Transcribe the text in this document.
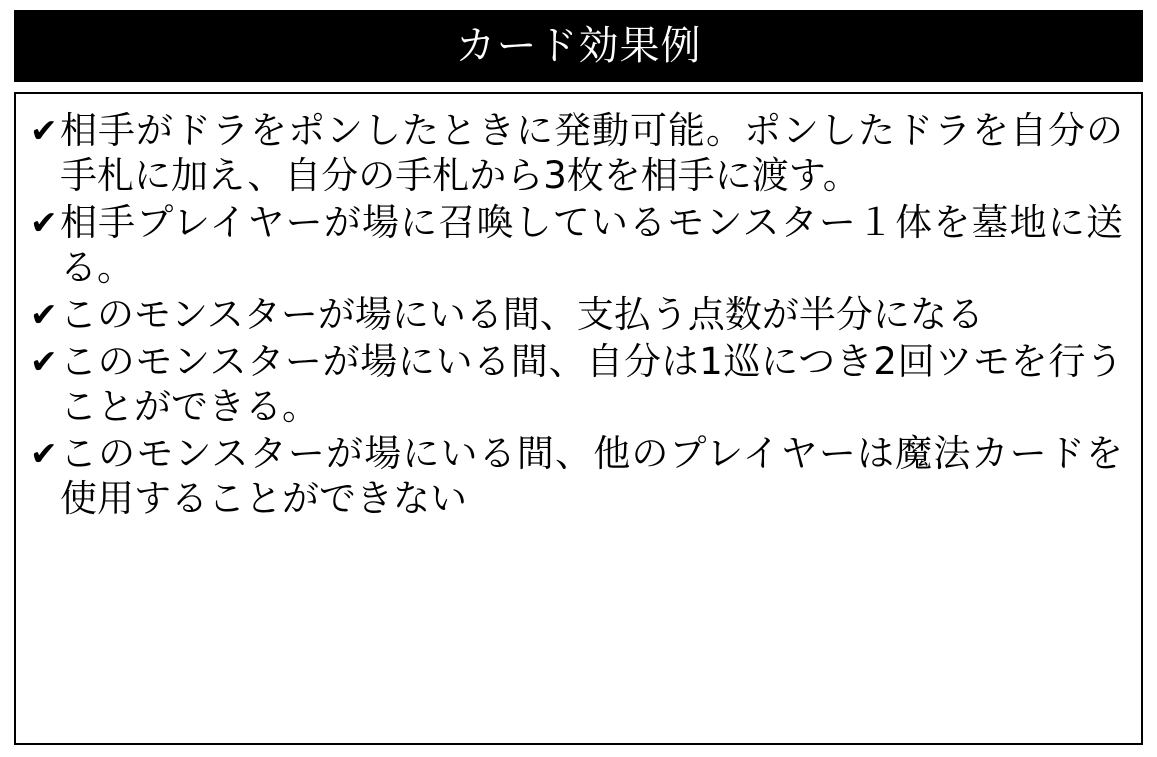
カード効果例
✔ 相手がドラをポンしたときに発動可能。ポンしたドラを自分の手札に加え、自分の手札から3枚を相手に渡す。
✔ 相手プレイヤーが場に召喚しているモンスター１体を墓地に送る。
✔ このモンスターが場にいる間、支払う点数が半分になる
✔ このモンスターが場にいる間、自分は1巡につき2回ツモを行うことができる。
✔ このモンスターが場にいる間、他のプレイヤーは魔法カードを使用することができない
